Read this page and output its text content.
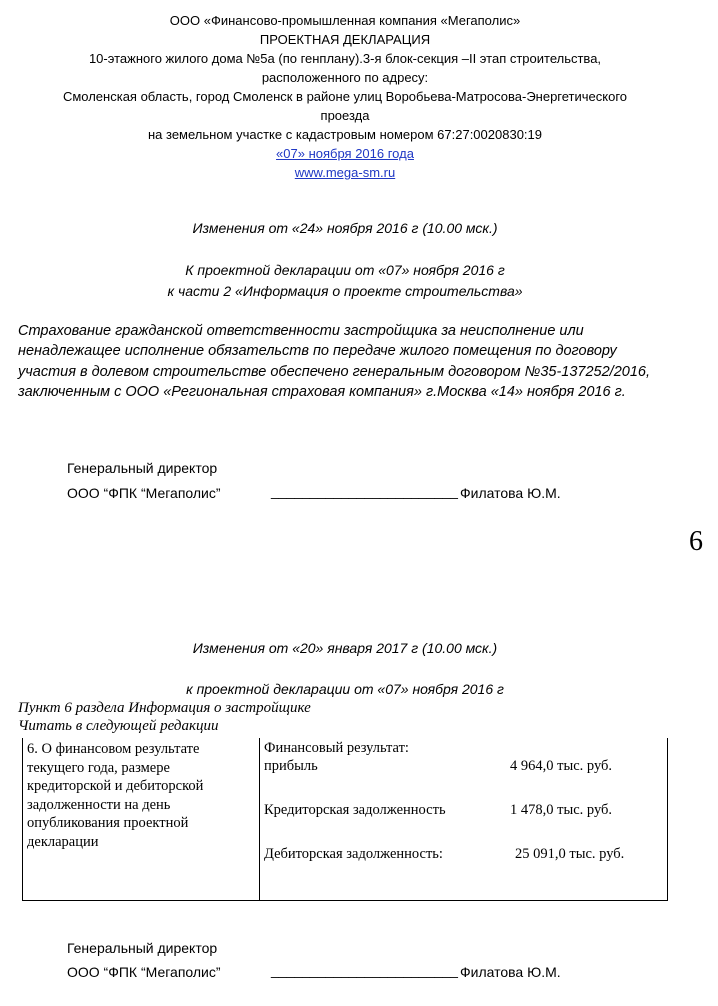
ООО «Финансово-промышленная компания «Мегаполис»
ПРОЕКТНАЯ ДЕКЛАРАЦИЯ
10-этажного жилого дома №5а (по генплану).3-я блок-секция –II этап строительства,
расположенного по адресу:
Смоленская область, город Смоленск в районе улиц Воробьева-Матросова-Энергетического
проезда
на земельном участке с кадастровым номером 67:27:0020830:19
«07» ноября 2016 года
www.mega-sm.ru
Изменения от «24» ноября 2016 г (10.00 мск.)
К проектной декларации от «07» ноября 2016 г
к части 2 «Информация о проекте строительства»
Страхование гражданской ответственности застройщика за неисполнение или ненадлежащее исполнение обязательств по передаче жилого помещения по договору участия в долевом строительстве обеспечено генеральным договором №35-137252/2016, заключенным с ООО «Региональная страховая компания» г.Москва «14» ноября 2016 г.
Генеральный директор
ООО “ФПК “Мегаполис”	________________________ Филатова Ю.М.
6
Изменения от «20» января 2017 г (10.00 мск.)
к проектной декларации от «07» ноября 2016 г
Пункт 6 раздела Информация о застройщике
Читать в следующей редакции
6. О финансовом результате текущего года, размере кредиторской и дебиторской задолженности на день опубликования проектной декларации	
Финансовый результат:
прибыль	4 964,0 тыс. руб.
Кредиторская задолженность	1 478,0 тыс. руб.
Дебиторская задолженность:	25 091,0 тыс. руб.
Генеральный директор
ООО “ФПК “Мегаполис”	________________________ Филатова Ю.М.
